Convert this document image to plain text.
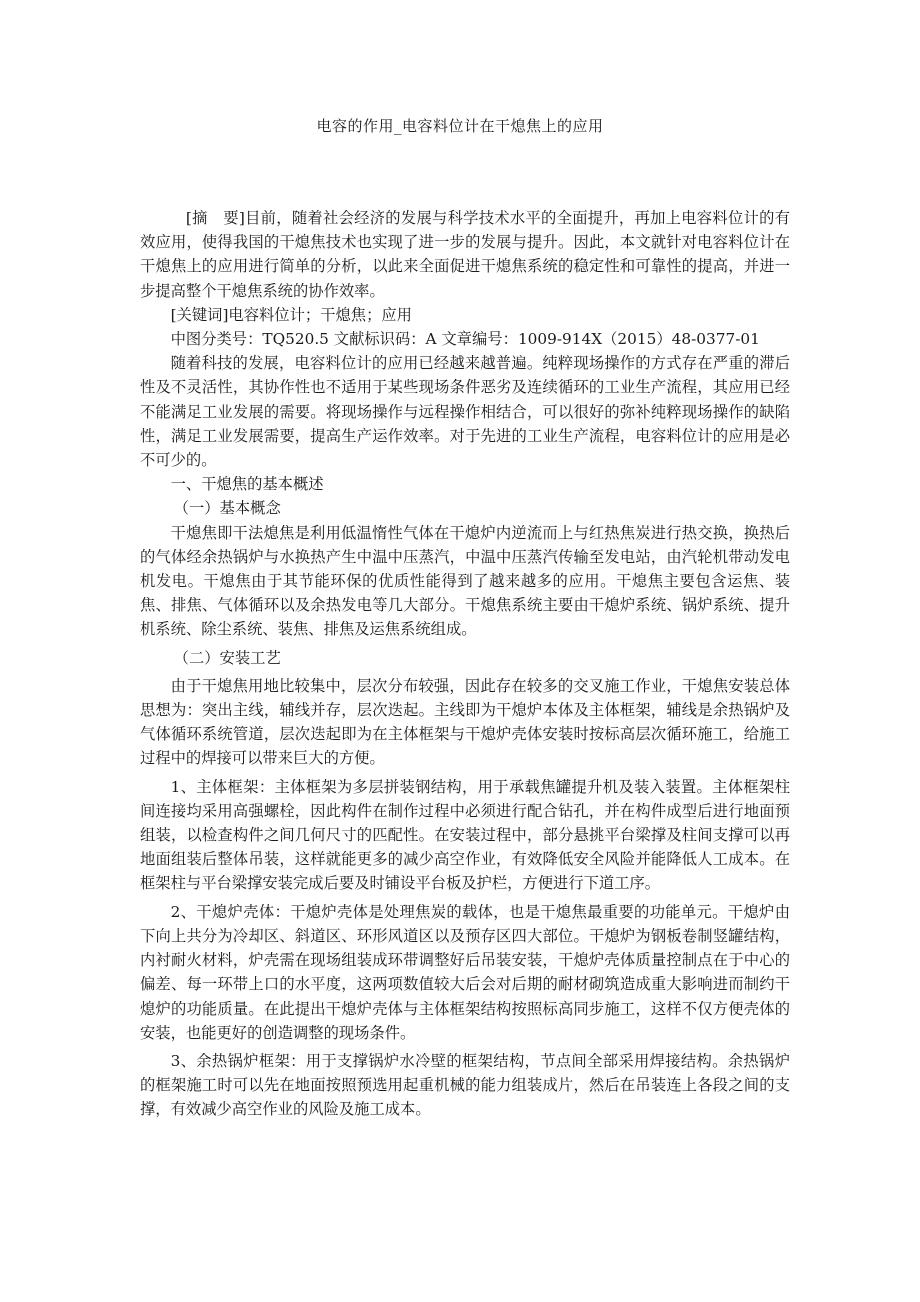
电容的作用_电容料位计在干熄焦上的应用

[摘　要]目前，随着社会经济的发展与科学技术水平的全面提升，再加上电容料位计的有效应用，使得我国的干熄焦技术也实现了进一步的发展与提升。因此，本文就针对电容料位计在干熄焦上的应用进行简单的分析，以此来全面促进干熄焦系统的稳定性和可靠性的提高，并进一步提高整个干熄焦系统的协作效率。

[关键词]电容料位计；干熄焦；应用

中图分类号：TQ520.5 文献标识码：A 文章编号：1009-914X（2015）48-0377-01

随着科技的发展，电容料位计的应用已经越来越普遍。纯粹现场操作的方式存在严重的滞后性及不灵活性，其协作性也不适用于某些现场条件恶劣及连续循环的工业生产流程，其应用已经不能满足工业发展的需要。将现场操作与远程操作相结合，可以很好的弥补纯粹现场操作的缺陷性，满足工业发展需要，提高生产运作效率。对于先进的工业生产流程，电容料位计的应用是必不可少的。

一、干熄焦的基本概述

（一）基本概念

干熄焦即干法熄焦是利用低温惰性气体在干熄炉内逆流而上与红热焦炭进行热交换，换热后的气体经余热锅炉与水换热产生中温中压蒸汽，中温中压蒸汽传输至发电站，由汽轮机带动发电机发电。干熄焦由于其节能环保的优质性能得到了越来越多的应用。干熄焦主要包含运焦、装焦、排焦、气体循环以及余热发电等几大部分。干熄焦系统主要由干熄炉系统、锅炉系统、提升机系统、除尘系统、装焦、排焦及运焦系统组成。

（二）安装工艺

由于干熄焦用地比较集中，层次分布较强，因此存在较多的交叉施工作业，干熄焦安装总体思想为：突出主线，辅线并存，层次迭起。主线即为干熄炉本体及主体框架，辅线是余热锅炉及气体循环系统管道，层次迭起即为在主体框架与干熄炉壳体安装时按标高层次循环施工，给施工过程中的焊接可以带来巨大的方便。

1、主体框架：主体框架为多层拼装钢结构，用于承载焦罐提升机及装入装置。主体框架柱间连接均采用高强螺栓，因此构件在制作过程中必须进行配合钻孔，并在构件成型后进行地面预组装，以检查构件之间几何尺寸的匹配性。在安装过程中，部分悬挑平台梁撑及柱间支撑可以再地面组装后整体吊装，这样就能更多的减少高空作业，有效降低安全风险并能降低人工成本。在框架柱与平台梁撑安装完成后要及时铺设平台板及护栏，方便进行下道工序。

2、干熄炉壳体：干熄炉壳体是处理焦炭的载体，也是干熄焦最重要的功能单元。干熄炉由下向上共分为冷却区、斜道区、环形风道区以及预存区四大部位。干熄炉为钢板卷制竖罐结构，内衬耐火材料，炉壳需在现场组装成环带调整好后吊装安装，干熄炉壳体质量控制点在于中心的偏差、每一环带上口的水平度，这两项数值较大后会对后期的耐材砌筑造成重大影响进而制约干熄炉的功能质量。在此提出干熄炉壳体与主体框架结构按照标高同步施工，这样不仅方便壳体的安装，也能更好的创造调整的现场条件。

3、余热锅炉框架：用于支撑锅炉水冷壁的框架结构，节点间全部采用焊接结构。余热锅炉的框架施工时可以先在地面按照预选用起重机械的能力组装成片，然后在吊装连上各段之间的支撑，有效减少高空作业的风险及施工成本。
